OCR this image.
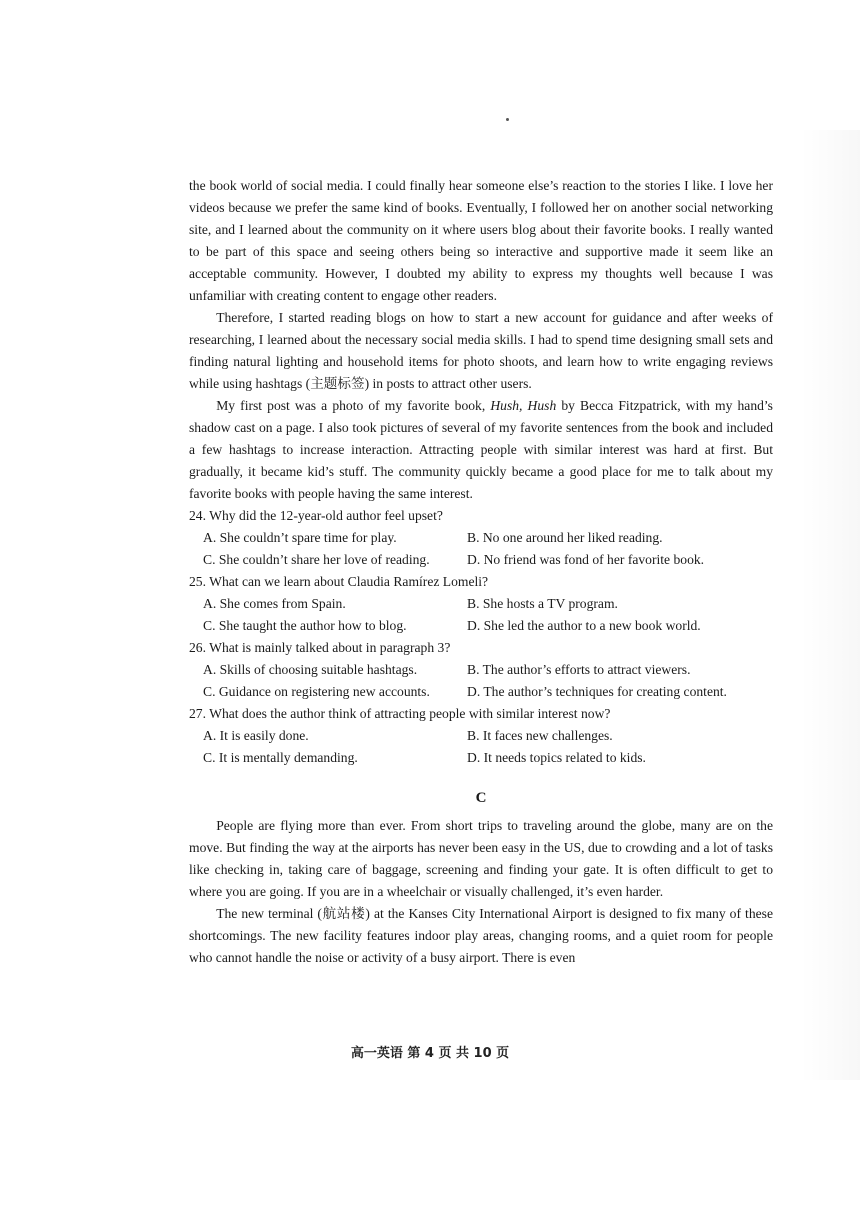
the book world of social media. I could finally hear someone else’s reaction to the stories I like. I love her videos because we prefer the same kind of books. Eventually, I followed her on another social networking site, and I learned about the community on it where users blog about their favorite books. I really wanted to be part of this space and seeing others being so interactive and supportive made it seem like an acceptable community. However, I doubted my ability to express my thoughts well because I was unfamiliar with creating content to engage other readers.

Therefore, I started reading blogs on how to start a new account for guidance and after weeks of researching, I learned about the necessary social media skills. I had to spend time designing small sets and finding natural lighting and household items for photo shoots, and learn how to write engaging reviews while using hashtags (主题标签) in posts to attract other users.

My first post was a photo of my favorite book, Hush, Hush by Becca Fitzpatrick, with my hand’s shadow cast on a page. I also took pictures of several of my favorite sentences from the book and included a few hashtags to increase interaction. Attracting people with similar interest was hard at first. But gradually, it became kid’s stuff. The community quickly became a good place for me to talk about my favorite books with people having the same interest.

24. Why did the 12-year-old author feel upset?

A. She couldn’t spare time for play.	B. No one around her liked reading.
C. She couldn’t share her love of reading.	D. No friend was fond of her favorite book.

25. What can we learn about Claudia Ramírez Lomeli?

A. She comes from Spain.	B. She hosts a TV program.
C. She taught the author how to blog.	D. She led the author to a new book world.

26. What is mainly talked about in paragraph 3?

A. Skills of choosing suitable hashtags.	B. The author’s efforts to attract viewers.
C. Guidance on registering new accounts.	D. The author’s techniques for creating content.

27. What does the author think of attracting people with similar interest now?

A. It is easily done.	B. It faces new challenges.
C. It is mentally demanding.	D. It needs topics related to kids.
C

People are flying more than ever. From short trips to traveling around the globe, many are on the move. But finding the way at the airports has never been easy in the US, due to crowding and a lot of tasks like checking in, taking care of baggage, screening and finding your gate. It is often difficult to get to where you are going. If you are in a wheelchair or visually challenged, it’s even harder.

The new terminal (航站楼) at the Kanses City International Airport is designed to fix many of these shortcomings. The new facility features indoor play areas, changing rooms, and a quiet room for people who cannot handle the noise or activity of a busy airport. There is even

高一英语 第 4 页 共 10 页
